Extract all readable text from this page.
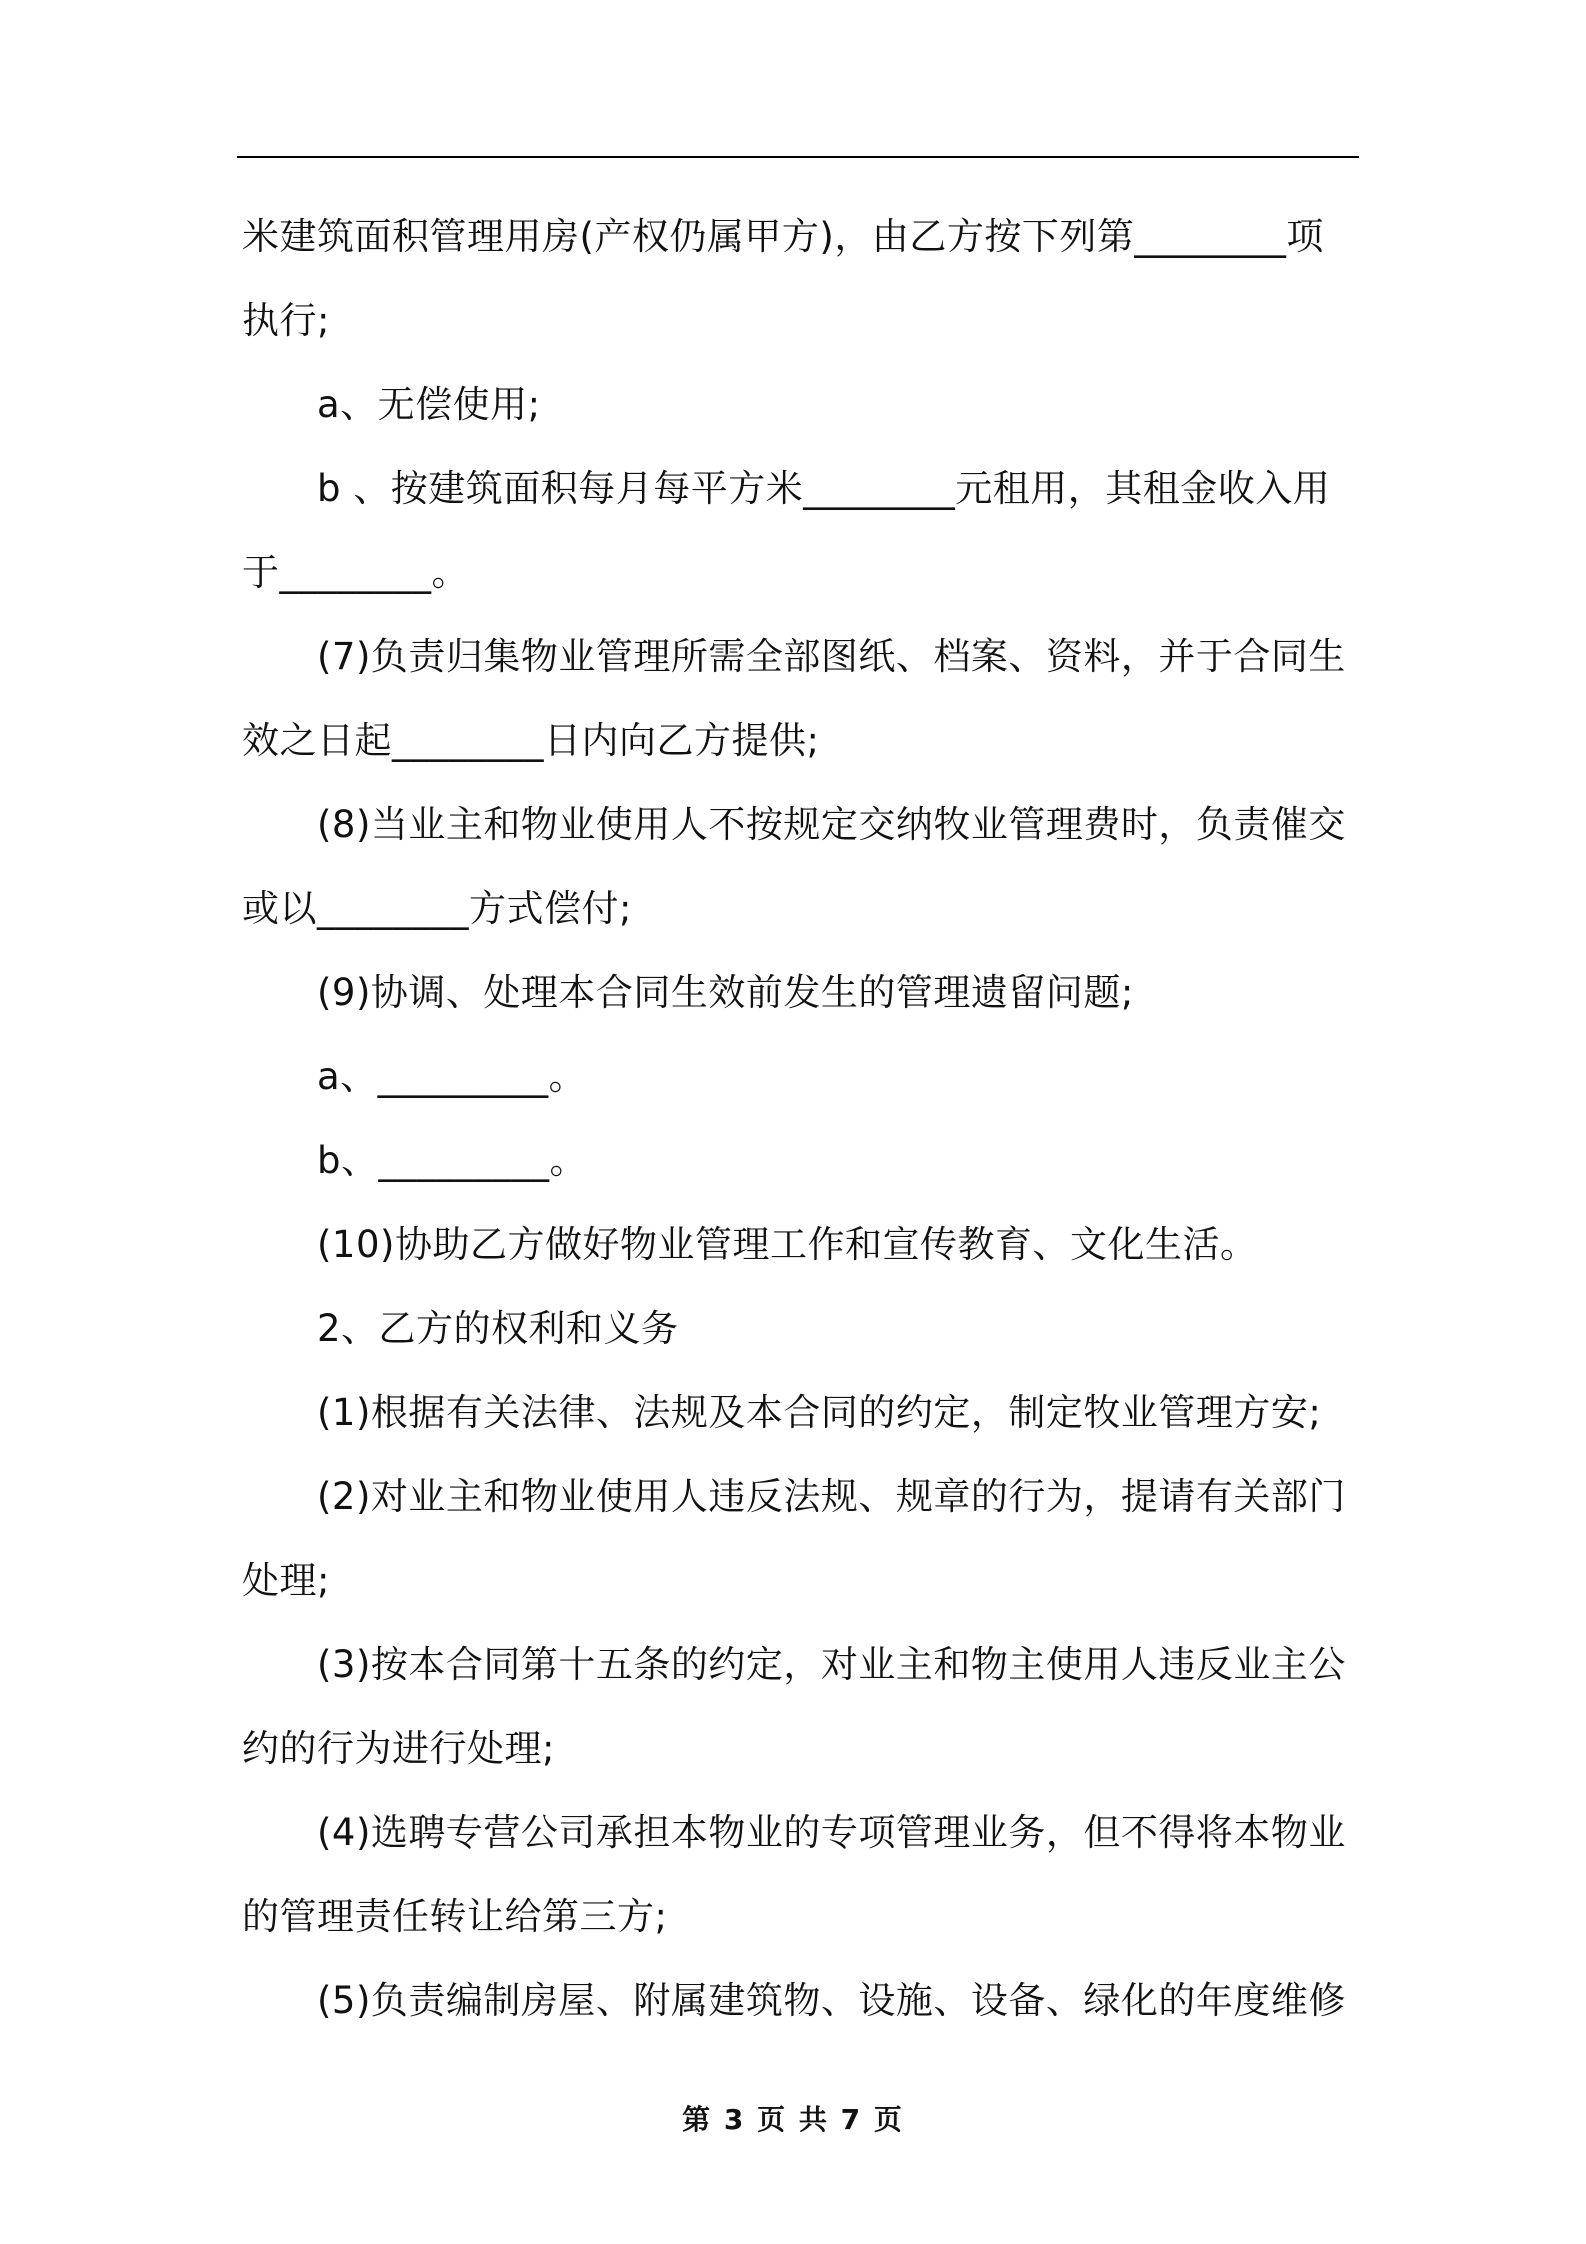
米建筑面积管理用房(产权仍属甲方)，由乙方按下列第________项
执行;
a、无偿使用;
b 、按建筑面积每月每平方米________元租用，其租金收入用
于________。
(7)负责归集物业管理所需全部图纸、档案、资料，并于合同生
效之日起________日内向乙方提供;
(8)当业主和物业使用人不按规定交纳牧业管理费时，负责催交
或以________方式偿付;
(9)协调、处理本合同生效前发生的管理遗留问题;
a、_________。
b、_________。
(10)协助乙方做好物业管理工作和宣传教育、文化生活。
2、乙方的权利和义务
(1)根据有关法律、法规及本合同的约定，制定牧业管理方安;
(2)对业主和物业使用人违反法规、规章的行为，提请有关部门
处理;
(3)按本合同第十五条的约定，对业主和物主使用人违反业主公
约的行为进行处理;
(4)选聘专营公司承担本物业的专项管理业务，但不得将本物业
的管理责任转让给第三方;
(5)负责编制房屋、附属建筑物、设施、设备、绿化的年度维修
第 3 页 共 7 页
